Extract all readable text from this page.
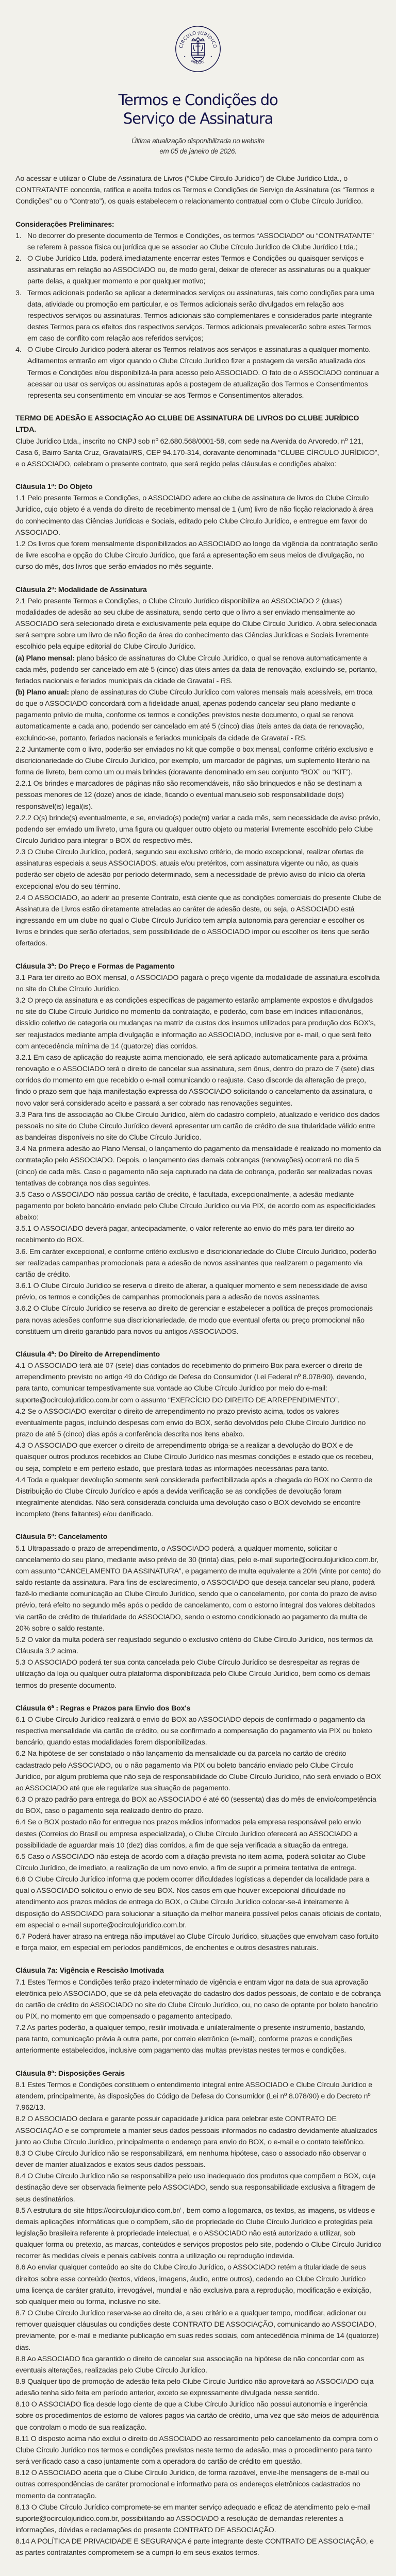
CÍRCULO·JURÍDICO
MMXXV
Termos e Condições do
Serviço de Assinatura
Última atualização disponibilizada no website
em 05 de janeiro de 2026.

Ao acessar e utilizar o Clube de Assinatura de Livros (“Clube Círculo Jurídico”) de Clube Jurídico Ltda., o CONTRATANTE concorda, ratifica e aceita todos os Termos e Condições de Serviço de Assinatura (os “Termos e Condições” ou o “Contrato”), os quais estabelecem o relacionamento contratual com o Clube Círculo Jurídico.

Considerações Preliminares:

1. No decorrer do presente documento de Termos e Condições, os termos “ASSOCIADO” ou “CONTRATANTE” se referem à pessoa física ou jurídica que se associar ao Clube Círculo Jurídico de Clube Jurídico Ltda.;
2. O Clube Jurídico Ltda. poderá imediatamente encerrar estes Termos e Condições ou quaisquer serviços e assinaturas em relação ao ASSOCIADO ou, de modo geral, deixar de oferecer as assinaturas ou a qualquer parte delas, a qualquer momento e por qualquer motivo;
3. Termos adicionais poderão se aplicar a determinados serviços ou assinaturas, tais como condições para uma data, atividade ou promoção em particular, e os Termos adicionais serão divulgados em relação aos respectivos serviços ou assinaturas. Termos adicionais são complementares e considerados parte integrante destes Termos para os efeitos dos respectivos serviços. Termos adicionais prevalecerão sobre estes Termos em caso de conflito com relação aos referidos serviços;
4. O Clube Círculo Jurídico poderá alterar os Termos relativos aos serviços e assinaturas a qualquer momento. Aditamentos entrarão em vigor quando o Clube Círculo Jurídico fizer a postagem da versão atualizada dos Termos e Condições e/ou disponibilizá-la para acesso pelo ASSOCIADO. O fato de o ASSOCIADO continuar a acessar ou usar os serviços ou assinaturas após a postagem de atualização dos Termos e Consentimentos representa seu consentimento em vincular-se aos Termos e Consentimentos alterados.

TERMO DE ADESÃO E ASSOCIAÇÃO AO CLUBE DE ASSINATURA DE LIVROS DO CLUBE JURÍDICO LTDA.

Clube Jurídico Ltda., inscrito no CNPJ sob nº 62.680.568/0001-58, com sede na Avenida do Arvoredo, nº 121, Casa 6, Bairro Santa Cruz, Gravataí/RS, CEP 94.170-314, doravante denominada “CLUBE CÍRCULO JURÍDICO”, e o ASSOCIADO, celebram o presente contrato, que será regido pelas cláusulas e condições abaixo:

Cláusula 1ª: Do Objeto

1.1 Pelo presente Termos e Condições, o ASSOCIADO adere ao clube de assinatura de livros do Clube Círculo Jurídico, cujo objeto é a venda do direito de recebimento mensal de 1 (um) livro de não ficção relacionado à área do conhecimento das Ciências Jurídicas e Sociais, editado pelo Clube Círculo Jurídico, e entregue em favor do ASSOCIADO.

1.2 Os livros que forem mensalmente disponibilizados ao ASSOCIADO ao longo da vigência da contratação serão de livre escolha e opção do Clube Círculo Jurídico, que fará a apresentação em seus meios de divulgação, no curso do mês, dos livros que serão enviados no mês seguinte.

Cláusula 2ª: Modalidade de Assinatura

2.1 Pelo presente Termos e Condições, o Clube Círculo Jurídico disponibiliza ao ASSOCIADO 2 (duas) modalidades de adesão ao seu clube de assinatura, sendo certo que o livro a ser enviado mensalmente ao ASSOCIADO será selecionado direta e exclusivamente pela equipe do Clube Círculo Jurídico. A obra selecionada será sempre sobre um livro de não ficção da área do conhecimento das Ciências Jurídicas e Sociais livremente escolhido pela equipe editorial do Clube Círculo Jurídico.

(a) Plano mensal: plano básico de assinaturas do Clube Círculo Jurídico, o qual se renova automaticamente a cada mês, podendo ser cancelado em até 5 (cinco) dias úteis antes da data de renovação, excluindo-se, portanto, feriados nacionais e feriados municipais da cidade de Gravataí - RS.

(b) Plano anual: plano de assinaturas do Clube Círculo Jurídico com valores mensais mais acessíveis, em troca do que o ASSOCIADO concordará com a fidelidade anual, apenas podendo cancelar seu plano mediante o pagamento prévio de multa, conforme os termos e condições previstos neste documento, o qual se renova automaticamente a cada ano, podendo ser cancelado em até 5 (cinco) dias úteis antes da data de renovação, excluindo-se, portanto, feriados nacionais e feriados municipais da cidade de Gravataí - RS.

2.2 Juntamente com o livro, poderão ser enviados no kit que compõe o box mensal, conforme critério exclusivo e discricionariedade do Clube Círculo Jurídico, por exemplo, um marcador de páginas, um suplemento literário na forma de livreto, bem como um ou mais brindes (doravante denominado em seu conjunto “BOX” ou “KIT”).

2.2.1 Os brindes e marcadores de páginas não são recomendáveis, não são brinquedos e não se destinam a pessoas menores de 12 (doze) anos de idade, ficando o eventual manuseio sob responsabilidade do(s) responsável(is) legal(is).

2.2.2 O(s) brinde(s) eventualmente, e se, enviado(s) pode(m) variar a cada mês, sem necessidade de aviso prévio, podendo ser enviado um livreto, uma figura ou qualquer outro objeto ou material livremente escolhido pelo Clube Círculo Jurídico para integrar o BOX do respectivo mês.

2.3 O Clube Círculo Jurídico, poderá, segundo seu exclusivo critério, de modo excepcional, realizar ofertas de assinaturas especiais a seus ASSOCIADOS, atuais e/ou pretéritos, com assinatura vigente ou não, as quais poderão ser objeto de adesão por período determinado, sem a necessidade de prévio aviso do início da oferta excepcional e/ou do seu término.

2.4 O ASSOCIADO, ao aderir ao presente Contrato, está ciente que as condições comerciais do presente Clube de Assinatura de Livros estão diretamente atreladas ao caráter de adesão deste, ou seja, o ASSOCIADO está ingressando em um clube no qual o Clube Círculo Jurídico tem ampla autonomia para gerenciar e escolher os livros e brindes que serão ofertados, sem possibilidade de o ASSOCIADO impor ou escolher os itens que serão ofertados.

Cláusula 3ª: Do Preço e Formas de Pagamento

3.1 Para ter direito ao BOX mensal, o ASSOCIADO pagará o preço vigente da modalidade de assinatura escolhida no site do Clube Círculo Jurídico.

3.2 O preço da assinatura e as condições específicas de pagamento estarão amplamente expostos e divulgados no site do Clube Círculo Jurídico no momento da contratação, e poderão, com base em índices inflacionários, dissídio coletivo de categoria ou mudanças na matriz de custos dos insumos utilizados para produção dos BOX’s, ser reajustados mediante ampla divulgação e informação ao ASSOCIADO, inclusive por e- mail, o que será feito com antecedência mínima de 14 (quatorze) dias corridos.

3.2.1 Em caso de aplicação do reajuste acima mencionado, ele será aplicado automaticamente para a próxima renovação e o ASSOCIADO terá o direito de cancelar sua assinatura, sem ônus, dentro do prazo de 7 (sete) dias corridos do momento em que recebido o e-mail comunicando o reajuste. Caso discorde da alteração de preço, findo o prazo sem que haja manifestação expressa do ASSOCIADO solicitando o cancelamento da assinatura, o novo valor será considerado aceito e passará a ser cobrado nas renovações seguintes.

3.3 Para fins de associação ao Clube Círculo Jurídico, além do cadastro completo, atualizado e verídico dos dados pessoais no site do Clube Círculo Jurídico deverá apresentar um cartão de crédito de sua titularidade válido entre as bandeiras disponíveis no site do Clube Círculo Jurídico.

3.4 Na primeira adesão ao Plano Mensal, o lançamento do pagamento da mensalidade é realizado no momento da contratação pelo ASSOCIADO. Depois, o lançamento das demais cobranças (renovações) ocorrerá no dia 5 (cinco) de cada mês. Caso o pagamento não seja capturado na data de cobrança, poderão ser realizadas novas tentativas de cobrança nos dias seguintes.

3.5 Caso o ASSOCIADO não possua cartão de crédito, é facultada, excepcionalmente, a adesão mediante pagamento por boleto bancário enviado pelo Clube Círculo Jurídico ou via PIX, de acordo com as especificidades abaixo:

3.5.1 O ASSOCIADO deverá pagar, antecipadamente, o valor referente ao envio do mês para ter direito ao recebimento do BOX.

3.6. Em caráter excepcional, e conforme critério exclusivo e discricionariedade do Clube Círculo Jurídico, poderão ser realizadas campanhas promocionais para a adesão de novos assinantes que realizarem o pagamento via cartão de crédito.

3.6.1 O Clube Círculo Jurídico se reserva o direito de alterar, a qualquer momento e sem necessidade de aviso prévio, os termos e condições de campanhas promocionais para a adesão de novos assinantes.

3.6.2 O Clube Círculo Jurídico se reserva ao direito de gerenciar e estabelecer a política de preços promocionais para novas adesões conforme sua discricionariedade, de modo que eventual oferta ou preço promocional não constituem um direito garantido para novos ou antigos ASSOCIADOS.

Cláusula 4ª: Do Direito de Arrependimento

4.1 O ASSOCIADO terá até 07 (sete) dias contados do recebimento do primeiro Box para exercer o direito de arrependimento previsto no artigo 49 do Código de Defesa do Consumidor (Lei Federal nº 8.078/90), devendo, para tanto, comunicar tempestivamente sua vontade ao Clube Círculo Jurídico por meio do e-mail: suporte@ocirculojuridico.com.br com o assunto “EXERCÍCIO DO DIREITO DE ARREPENDIMENTO”.

4.2 Se o ASSOCIADO exercitar o direito de arrependimento no prazo previsto acima, todos os valores eventualmente pagos, incluindo despesas com envio do BOX, serão devolvidos pelo Clube Círculo Jurídico no prazo de até 5 (cinco) dias após a conferência descrita nos itens abaixo.

4.3 O ASSOCIADO que exercer o direito de arrependimento obriga-se a realizar a devolução do BOX e de quaisquer outros produtos recebidos ao Clube Círculo Jurídico nas mesmas condições e estado que os recebeu, ou seja, completo e em perfeito estado, que prestará todas as informações necessárias para tanto.

4.4 Toda e qualquer devolução somente será considerada perfectibilizada após a chegada do BOX no Centro de Distribuição do Clube Círculo Jurídico e após a devida verificação se as condições de devolução foram integralmente atendidas. Não será considerada concluída uma devolução caso o BOX devolvido se encontre incompleto (itens faltantes) e/ou danificado.

Cláusula 5ª: Cancelamento

5.1 Ultrapassado o prazo de arrependimento, o ASSOCIADO poderá, a qualquer momento, solicitar o cancelamento do seu plano, mediante aviso prévio de 30 (trinta) dias, pelo e-mail suporte@ocirculojuridico.com.br, com assunto “CANCELAMENTO DA ASSINATURA”, e pagamento de multa equivalente a 20% (vinte por cento) do saldo restante da assinatura. Para fins de esclarecimento, o ASSOCIADO que deseja cancelar seu plano, poderá fazê-lo mediante comunicação ao Clube Círculo Jurídico, sendo que o cancelamento, por conta do prazo de aviso prévio, terá efeito no segundo mês após o pedido de cancelamento, com o estorno integral dos valores debitados via cartão de crédito de titularidade do ASSOCIADO, sendo o estorno condicionado ao pagamento da multa de 20% sobre o saldo restante.

5.2 O valor da multa poderá ser reajustado segundo o exclusivo critério do Clube Círculo Jurídico, nos termos da Cláusula 3.2 acima.

5.3 O ASSOCIADO poderá ter sua conta cancelada pelo Clube Círculo Jurídico se desrespeitar as regras de utilização da loja ou qualquer outra plataforma disponibilizada pelo Clube Círculo Jurídico, bem como os demais termos do presente documento.

Cláusula 6ª : Regras e Prazos para Envio dos Box's

6.1 O Clube Círculo Jurídico realizará o envio do BOX ao ASSOCIADO depois de confirmado o pagamento da respectiva mensalidade via cartão de crédito, ou se confirmado a compensação do pagamento via PIX ou boleto bancário, quando estas modalidades forem disponibilizadas.

6.2 Na hipótese de ser constatado o não lançamento da mensalidade ou da parcela no cartão de crédito cadastrado pelo ASSOCIADO, ou o não pagamento via PIX ou boleto bancário enviado pelo Clube Círculo Jurídico, por algum problema que não seja de responsabilidade do Clube Círculo Jurídico, não será enviado o BOX ao ASSOCIADO até que ele regularize sua situação de pagamento.

6.3 O prazo padrão para entrega do BOX ao ASSOCIADO é até 60 (sessenta) dias do mês de envio/competência do BOX, caso o pagamento seja realizado dentro do prazo.

6.4 Se o BOX postado não for entregue nos prazos médios informados pela empresa responsável pelo envio destes (Correios do Brasil ou empresa especializada), o Clube Círculo Jurídico oferecerá ao ASSOCIADO a possibilidade de aguardar mais 10 (dez) dias corridos, a fim de que seja verificada a situação da entrega.

6.5 Caso o ASSOCIADO não esteja de acordo com a dilação prevista no item acima, poderá solicitar ao Clube Círculo Jurídico, de imediato, a realização de um novo envio, a fim de suprir a primeira tentativa de entrega.

6.6 O Clube Círculo Jurídico informa que podem ocorrer dificuldades logísticas a depender da localidade para a qual o ASSOCIADO solicitou o envio de seu BOX. Nos casos em que houver excepcional dificuldade no atendimento aos prazos médios de entrega do BOX, o Clube Círculo Jurídico colocar-se-á inteiramente à disposição do ASSOCIADO para solucionar a situação da melhor maneira possível pelos canais oficiais de contato, em especial o e-mail suporte@ocirculojuridico.com.br.

6.7 Poderá haver atraso na entrega não imputável ao Clube Círculo Jurídico, situações que envolvam caso fortuito e força maior, em especial em períodos pandêmicos, de enchentes e outros desastres naturais.

Cláusula 7a: Vigência e Rescisão Imotivada

7.1 Estes Termos e Condições terão prazo indeterminado de vigência e entram vigor na data de sua aprovação eletrônica pelo ASSOCIADO, que se dá pela efetivação do cadastro dos dados pessoais, de contato e de cobrança do cartão de crédito do ASSOCIADO no site do Clube Círculo Jurídico, ou, no caso de optante por boleto bancário ou PIX, no momento em que compensado o pagamento antecipado.

7.2 As partes poderão, a qualquer tempo, resilir imotivada e unilateralmente o presente instrumento, bastando, para tanto, comunicação prévia à outra parte, por correio eletrônico (e-mail), conforme prazos e condições anteriormente estabelecidos, inclusive com pagamento das multas previstas nestes termos e condições.

Cláusula 8ª: Disposições Gerais

8.1 Estes Termos e Condições constituem o entendimento integral entre ASSOCIADO e Clube Círculo Jurídico e atendem, principalmente, às disposições do Código de Defesa do Consumidor (Lei nº 8.078/90) e do Decreto nº 7.962/13.

8.2 O ASSOCIADO declara e garante possuir capacidade jurídica para celebrar este CONTRATO DE ASSOCIAÇÃO e se compromete a manter seus dados pessoais informados no cadastro devidamente atualizados junto ao Clube Círculo Jurídico, principalmente o endereço para envio do BOX, o e-mail e o contato telefônico.

8.3 O Clube Círculo Jurídico não se responsabilizará, em nenhuma hipótese, caso o associado não observar o dever de manter atualizados e exatos seus dados pessoais.

8.4 O Clube Círculo Jurídico não se responsabiliza pelo uso inadequado dos produtos que compõem o BOX, cuja destinação deve ser observada fielmente pelo ASSOCIADO, sendo sua responsabilidade exclusiva a filtragem de seus destinatários.

8.5 A estrutura do site https://ocirculojuridico.com.br/ , bem como a logomarca, os textos, as imagens, os vídeos e demais aplicações informáticas que o compõem, são de propriedade do Clube Círculo Jurídico e protegidas pela legislação brasileira referente à propriedade intelectual, e o ASSOCIADO não está autorizado a utilizar, sob qualquer forma ou pretexto, as marcas, conteúdos e serviços propostos pelo site, podendo o Clube Círculo Jurídico recorrer às medidas cíveis e penais cabíveis contra a utilização ou reprodução indevida.

8.6 Ao enviar qualquer conteúdo ao site do Clube Círculo Jurídico, o ASSOCIADO retém a titularidade de seus direitos sobre esse conteúdo (textos, vídeos, imagens, áudio, entre outros), cedendo ao Clube Círculo Jurídico uma licença de caráter gratuito, irrevogável, mundial e não exclusiva para a reprodução, modificação e exibição, sob qualquer meio ou forma, inclusive no site.

8.7 O Clube Círculo Jurídico reserva-se ao direito de, a seu critério e a qualquer tempo, modificar, adicionar ou remover quaisquer cláusulas ou condições deste CONTRATO DE ASSOCIAÇÃO, comunicando ao ASSOCIADO, previamente, por e-mail e mediante publicação em suas redes sociais, com antecedência mínima de 14 (quatorze) dias.

8.8 Ao ASSOCIADO fica garantido o direito de cancelar sua associação na hipótese de não concordar com as eventuais alterações, realizadas pelo Clube Círculo Jurídico.

8.9 Qualquer tipo de promoção de adesão feita pelo Clube Círculo Jurídico não aproveitará ao ASSOCIADO cuja adesão tenha sido feita em período anterior, exceto se expressamente divulgada nesse sentido.

8.10 O ASSOCIADO fica desde logo ciente de que a Clube Círculo Jurídico não possui autonomia e ingerência sobre os procedimentos de estorno de valores pagos via cartão de crédito, uma vez que são meios de adquirência que controlam o modo de sua realização.

8.11 O disposto acima não exclui o direito do ASSOCIADO ao ressarcimento pelo cancelamento da compra com o Clube Círculo Jurídico nos termos e condições previstos neste termo de adesão, mas o procedimento para tanto será verificado caso a caso juntamente com a operadora do cartão de crédito em questão.

8.12 O ASSOCIADO aceita que o Clube Círculo Jurídico, de forma razoável, envie-lhe mensagens de e-mail ou outras correspondências de caráter promocional e informativo para os endereços eletrônicos cadastrados no momento da contratação.

8.13 O Clube Círculo Jurídico compromete-se em manter serviço adequado e eficaz de atendimento pelo e-mail suporte@ocirculojuridico.com.br, possibilitando ao ASSOCIADO a resolução de demandas referentes a informações, dúvidas e reclamações do presente CONTRATO DE ASSOCIAÇÃO.

8.14 A POLÍTICA DE PRIVACIDADE E SEGURANÇA é parte integrante deste CONTRATO DE ASSOCIAÇÃO, e as partes contratantes comprometem-se a cumpri-lo em seus exatos termos.
